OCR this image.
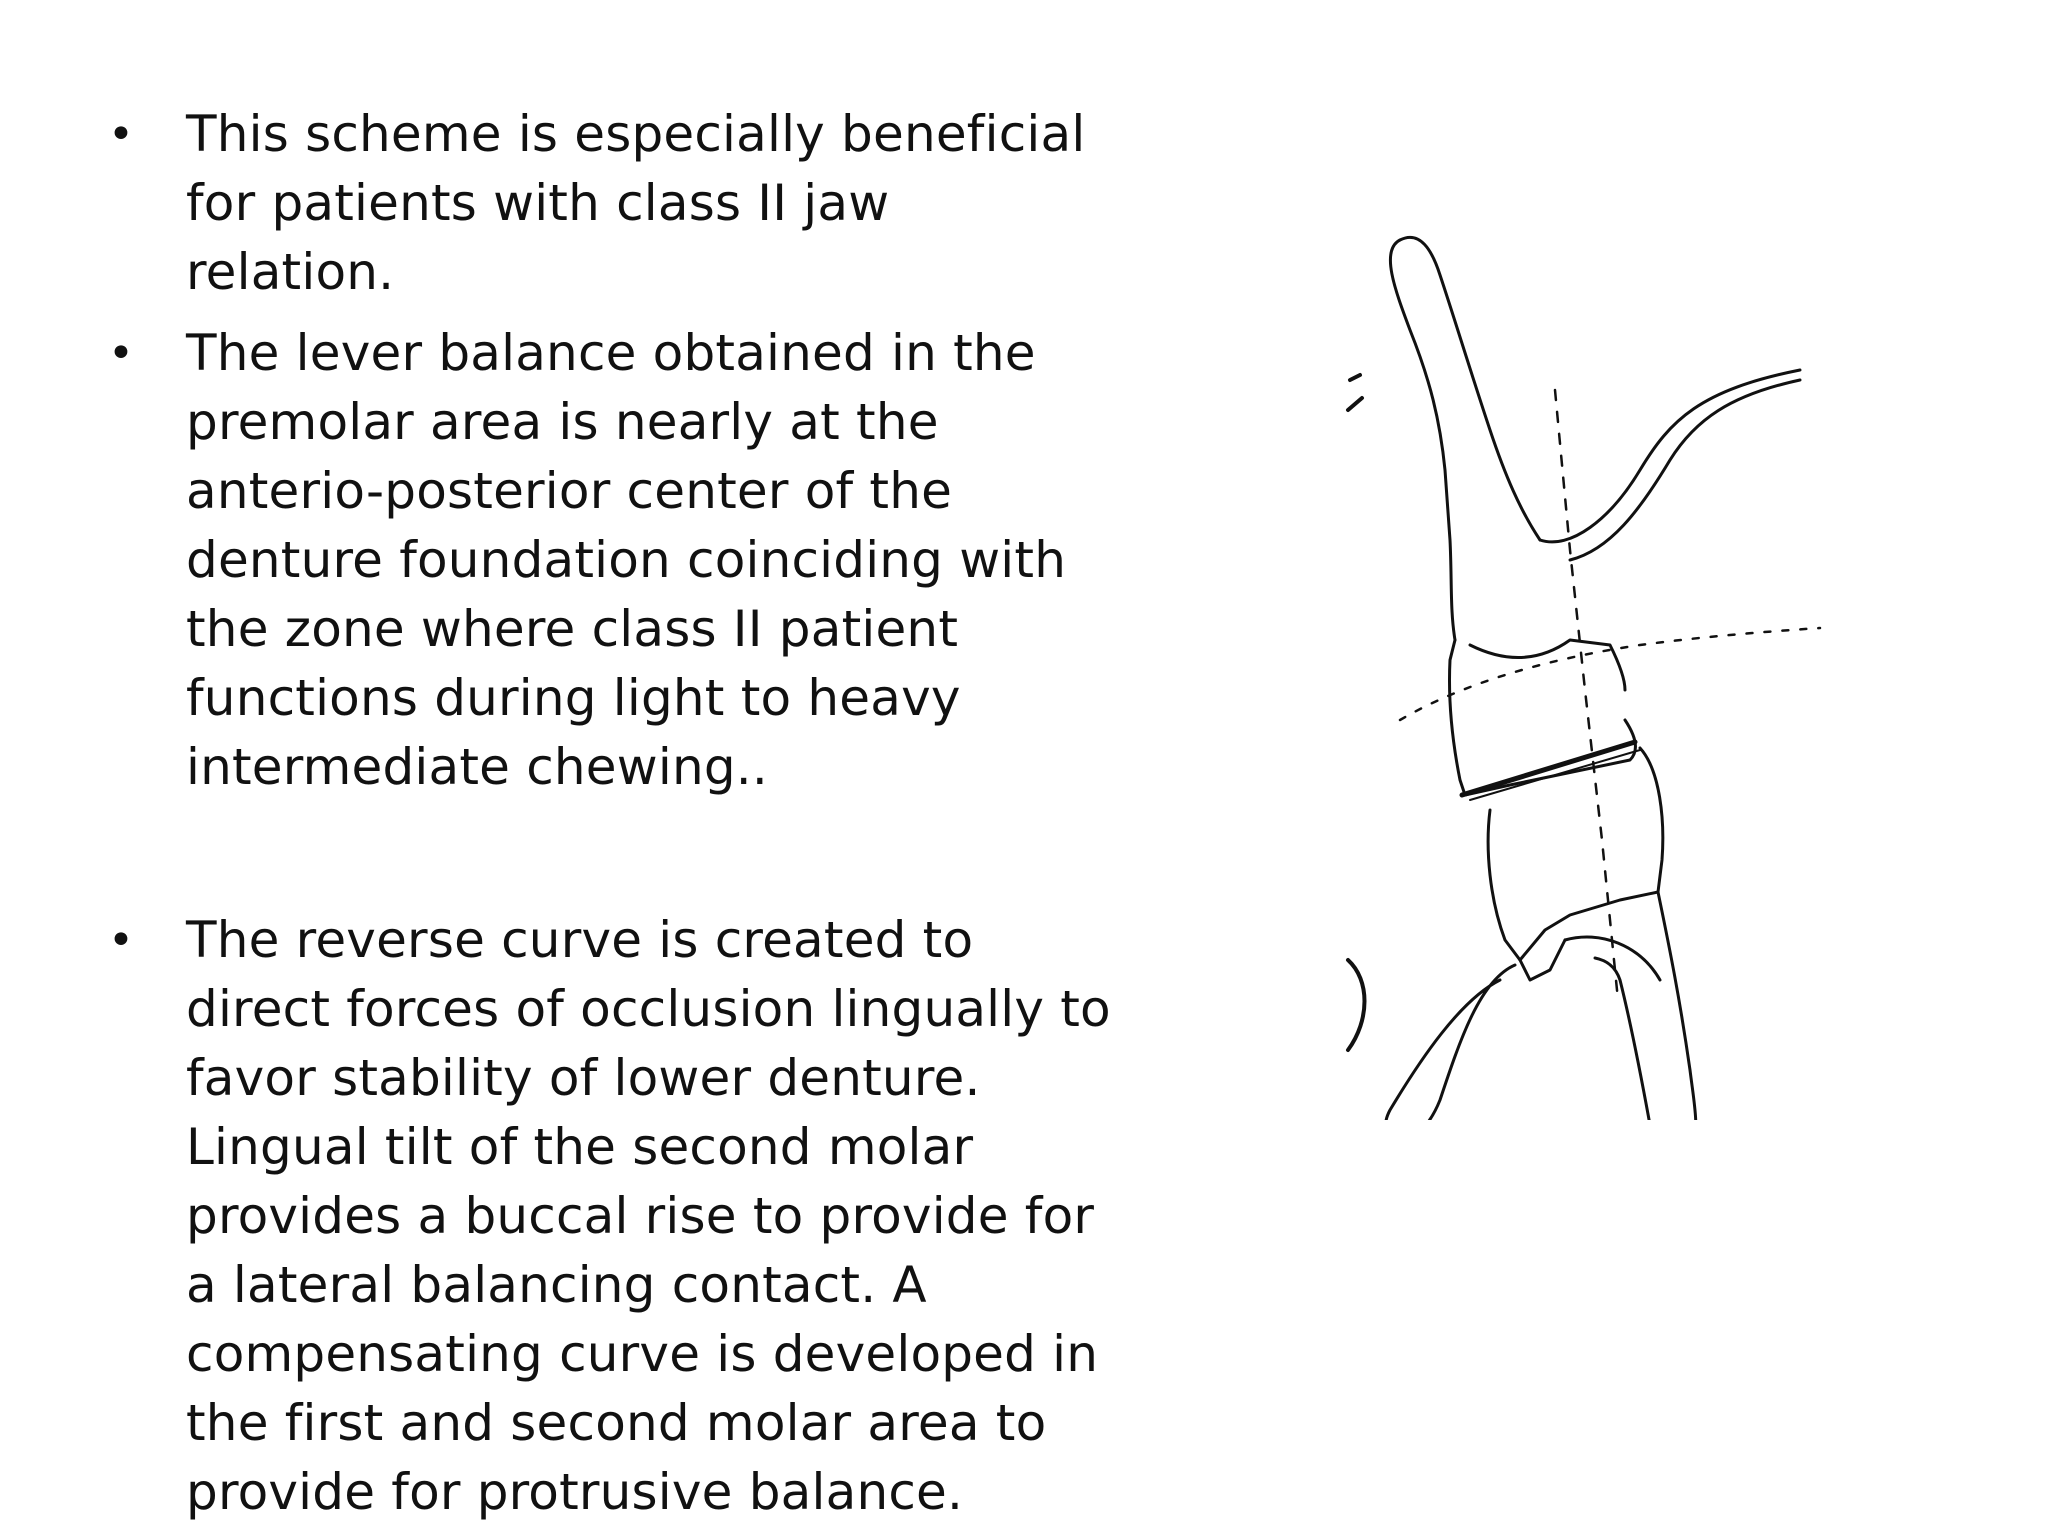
• This scheme is especially beneficial
for patients with class II jaw
relation.
• The lever balance obtained in the
premolar area is nearly at the
anterio-posterior center of the
denture foundation coinciding with
the zone where class II patient
functions during light to heavy
intermediate chewing..
• The reverse curve is created to
direct forces of occlusion lingually to
favor stability of lower denture.
Lingual tilt of the second molar
provides a buccal rise to provide for
a lateral balancing contact. A
compensating curve is developed in
the first and second molar area to
provide for protrusive balance.
